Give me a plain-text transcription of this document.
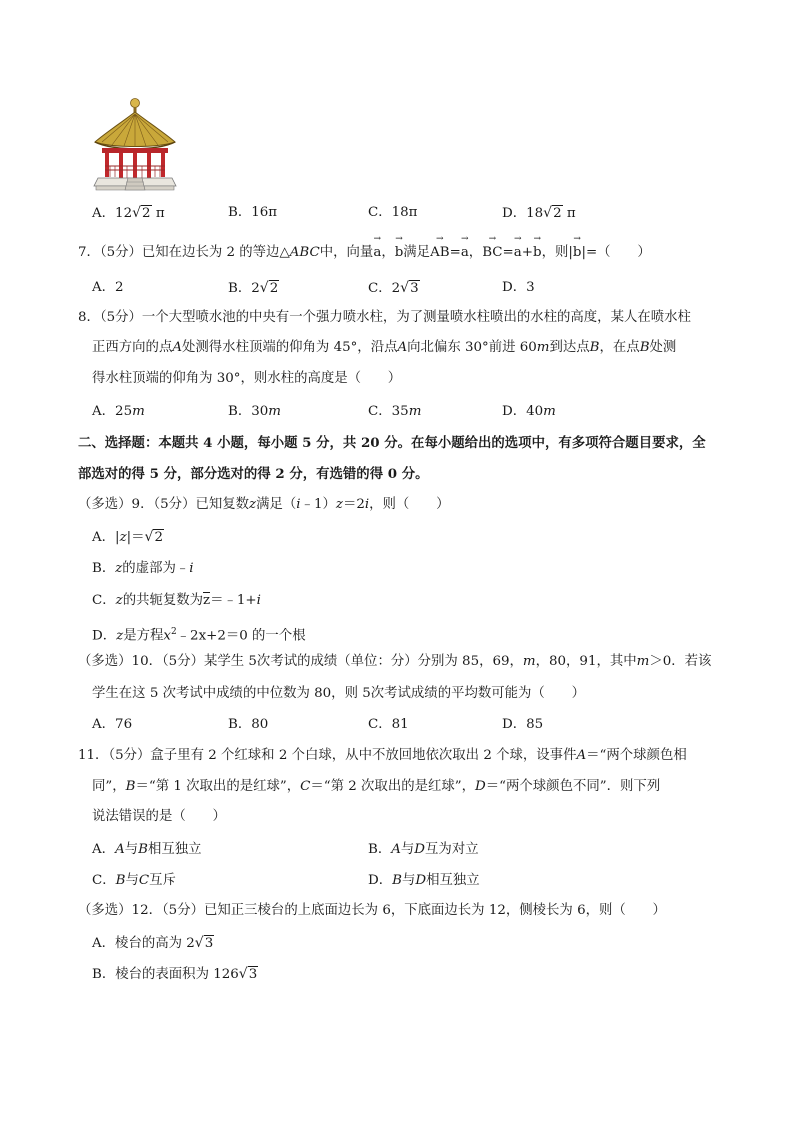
A．12√2 π	B．16π	C．18π	D．18√2 π
7．（5分）已知在边长为 2 的等边△ABC中，向量
→
a，
→
b满足
→
AB=
→
a，
→
BC=
→
a+
→
b，则|
→
b|=（　　）
A．2	B．2√2	C．2√3	D．3
8．（5分）一个大型喷水池的中央有一个强力喷水柱，为了测量喷水柱喷出的水柱的高度，某人在喷水柱
正西方向的点A处测得水柱顶端的仰角为 45°，沿点A向北偏东 30°前进 60m到达点B，在点B处测
得水柱顶端的仰角为 30°，则水柱的高度是（　　）
A．25m	B．30m	C．35m	D．40m
二、选择题：本题共 4 小题，每小题 5 分，共 20 分。在每小题给出的选项中，有多项符合题目要求，全
部选对的得 5 分，部分选对的得 2 分，有选错的得 0 分。
（多选）9．（5分）已知复数z满足（i﹣1）z＝2i，则（　　）
A．|z|＝√2
B．z的虚部为﹣i
C．z的共轭复数为z＝﹣1+i
D．z是方程$x^2﹣2x+2=0$ 的一个根
（多选）10．（5分）某学生 5次考试的成绩（单位：分）分别为 85，69，m，80，91，其中m＞0．若该
学生在这 5 次考试中成绩的中位数为 80，则 5次考试成绩的平均数可能为（　　）
A．76	B．80	C．81	D．85
11．（5分）盒子里有 2 个红球和 2 个白球，从中不放回地依次取出 2 个球，设事件A＝“两个球颜色相
同”，B＝“第 1 次取出的是红球”，C＝“第 2 次取出的是红球”，D＝“两个球颜色不同”．则下列
说法错误的是（　　）
A．A与B相互独立	B．A与D互为对立
C．B与C互斥	D．B与D相互独立
（多选）12．（5分）已知正三棱台的上底面边长为 6，下底面边长为 12，侧棱长为 6，则（　　）
A．棱台的高为 2√3
B．棱台的表面积为 126√3
